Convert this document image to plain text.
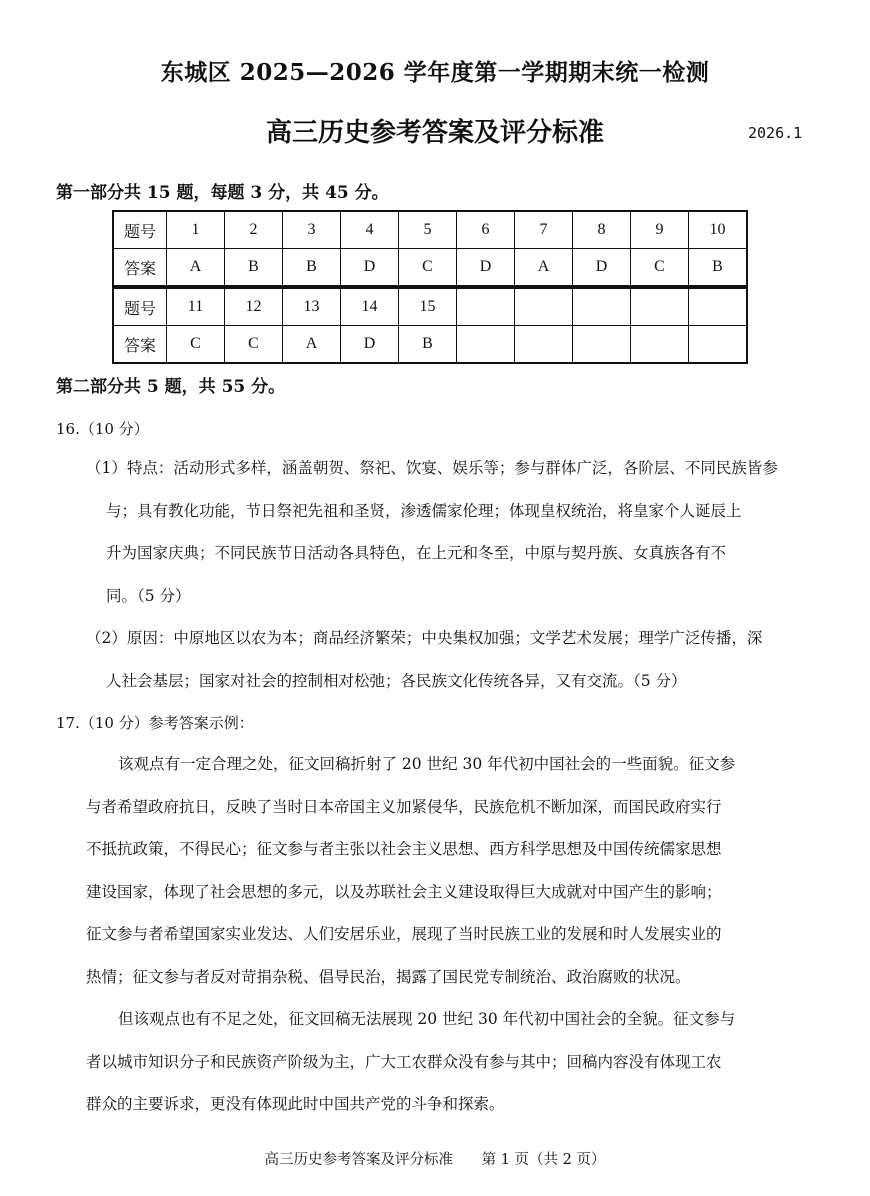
东城区 2025—2026 学年度第一学期期末统一检测
高三历史参考答案及评分标准	2026.1
第一部分共 15 题，每题 3 分，共 45 分。
题号	1	2	3	4	5	6	7	8	9	10
答案	A	B	B	D	C	D	A	D	C	B
题号	11	12	13	14	15					
答案	C	C	A	D	B					
第二部分共 5 题，共 55 分。
16.（10 分）
（1）特点：活动形式多样，涵盖朝贺、祭祀、饮宴、娱乐等；参与群体广泛，各阶层、不同民族皆参
与；具有教化功能，节日祭祀先祖和圣贤，渗透儒家伦理；体现皇权统治，将皇家个人诞辰上
升为国家庆典；不同民族节日活动各具特色，在上元和冬至，中原与契丹族、女真族各有不
同。（5 分）
（2）原因：中原地区以农为本；商品经济繁荣；中央集权加强；文学艺术发展；理学广泛传播，深
人社会基层；国家对社会的控制相对松弛；各民族文化传统各异，又有交流。（5 分）
17.（10 分）参考答案示例：
该观点有一定合理之处，征文回稿折射了 20 世纪 30 年代初中国社会的一些面貌。征文参
与者希望政府抗日，反映了当时日本帝国主义加紧侵华，民族危机不断加深，而国民政府实行
不抵抗政策，不得民心；征文参与者主张以社会主义思想、西方科学思想及中国传统儒家思想
建设国家，体现了社会思想的多元，以及苏联社会主义建设取得巨大成就对中国产生的影响；
征文参与者希望国家实业发达、人们安居乐业，展现了当时民族工业的发展和时人发展实业的
热情；征文参与者反对苛捐杂税、倡导民治，揭露了国民党专制统治、政治腐败的状况。
但该观点也有不足之处，征文回稿无法展现 20 世纪 30 年代初中国社会的全貌。征文参与
者以城市知识分子和民族资产阶级为主，广大工农群众没有参与其中；回稿内容没有体现工农
群众的主要诉求，更没有体现此时中国共产党的斗争和探索。
高三历史参考答案及评分标准 第 1 页（共 2 页）
